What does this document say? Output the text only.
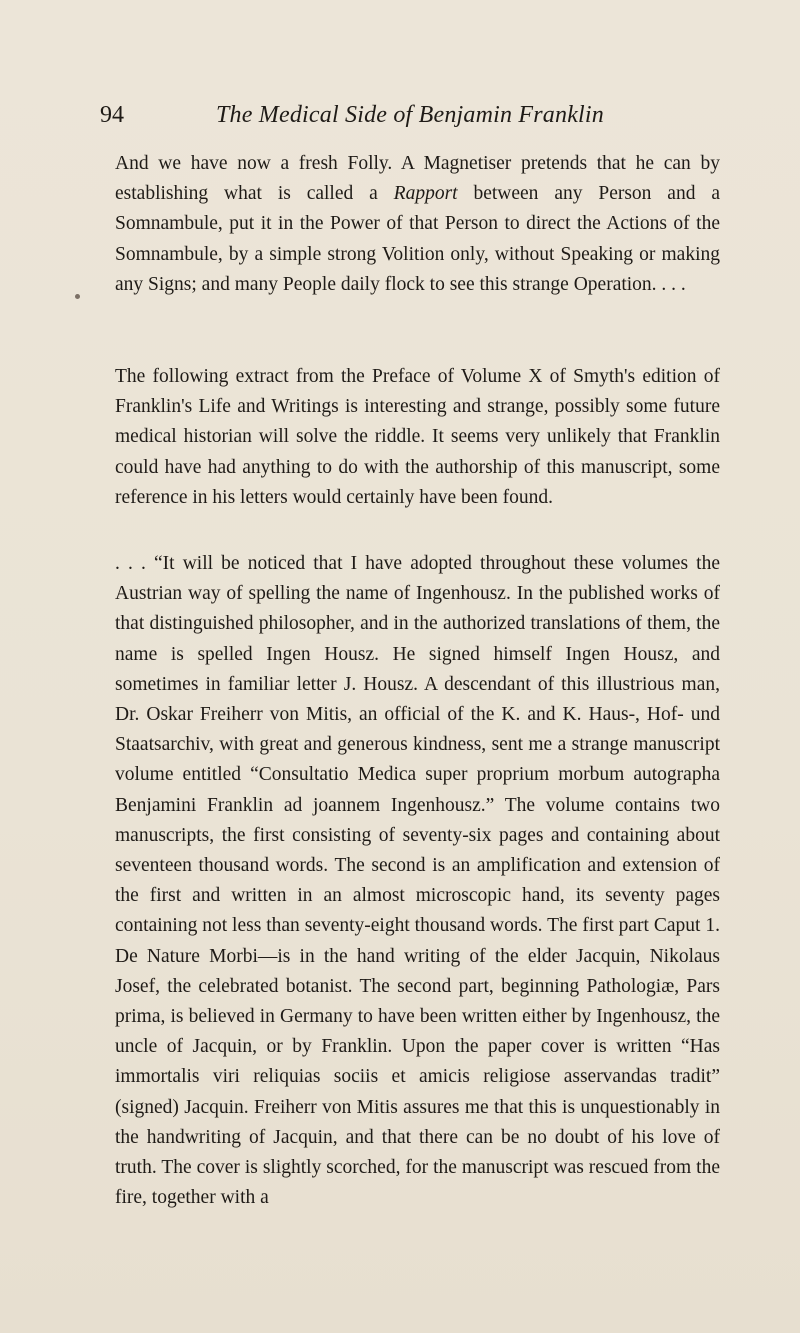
94	The Medical Side of Benjamin Franklin

And we have now a fresh Folly. A Magnetiser pretends that he can by establishing what is called a Rapport between any Person and a Somnambule, put it in the Power of that Person to direct the Actions of the Somnambule, by a simple strong Volition only, without Speaking or making any Signs; and many People daily flock to see this strange Operation. . . .

The following extract from the Preface of Volume X of Smyth's edition of Franklin's Life and Writings is interesting and strange, possibly some future medical historian will solve the riddle. It seems very unlikely that Franklin could have had anything to do with the authorship of this manuscript, some reference in his letters would certainly have been found.

. . . “It will be noticed that I have adopted throughout these volumes the Austrian way of spelling the name of Ingenhousz. In the published works of that distinguished philosopher, and in the authorized translations of them, the name is spelled Ingen Housz. He signed himself Ingen Housz, and sometimes in familiar letter J. Housz. A descendant of this illustrious man, Dr. Oskar Freiherr von Mitis, an official of the K. and K. Haus-, Hof- und Staatsarchiv, with great and generous kindness, sent me a strange manuscript volume entitled “Consultatio Medica super proprium morbum autographa Benjamini Franklin ad joannem Ingenhousz.” The volume contains two manuscripts, the first consisting of seventy-six pages and containing about seventeen thousand words. The second is an amplification and extension of the first and written in an almost microscopic hand, its seventy pages containing not less than seventy-eight thousand words. The first part Caput 1. De Nature Morbi—is in the hand writing of the elder Jacquin, Nikolaus Josef, the celebrated botanist. The second part, beginning Pathologiæ, Pars prima, is believed in Germany to have been written either by Ingenhousz, the uncle of Jacquin, or by Franklin. Upon the paper cover is written “Has immortalis viri reliquias sociis et amicis religiose asservandas tradit” (signed) Jacquin. Freiherr von Mitis assures me that this is unquestionably in the handwriting of Jacquin, and that there can be no doubt of his love of truth. The cover is slightly scorched, for the manuscript was rescued from the fire, together with a
